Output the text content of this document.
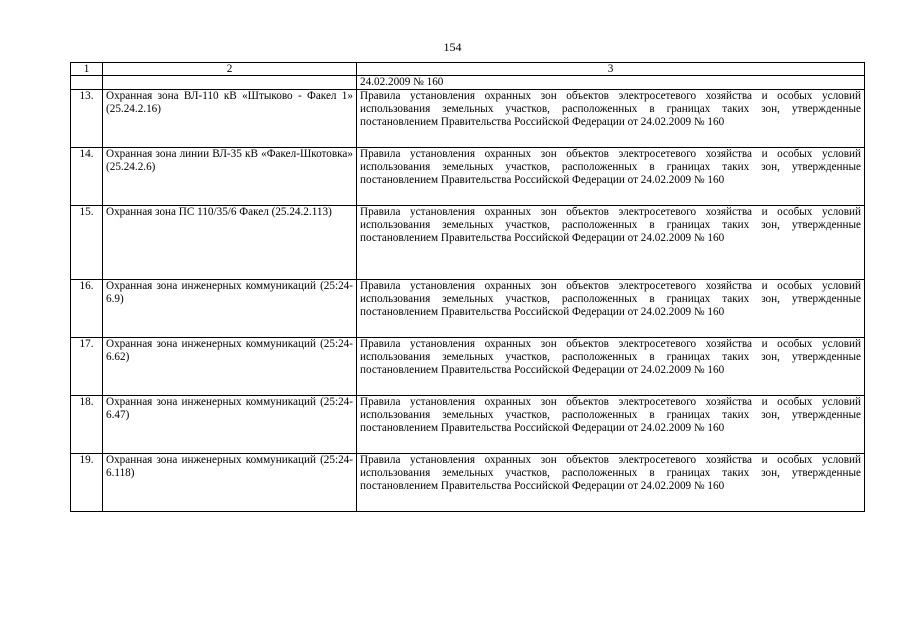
154
1	2	3
		24.02.2009 № 160
13.	Охранная зона ВЛ-110 кВ «Штыково - Факел 1» (25.24.2.16)	Правила установления охранных зон объектов электросетевого хозяйства и особых условий использования земельных участков, расположенных в границах таких зон, утвержденные постановлением Правительства Российской Федерации от 24.02.2009 № 160
14.	Охранная зона линии ВЛ-35 кВ «Факел-Шкотовка» (25.24.2.6)	Правила установления охранных зон объектов электросетевого хозяйства и особых условий использования земельных участков, расположенных в границах таких зон, утвержденные постановлением Правительства Российской Федерации от 24.02.2009 № 160
15.	Охранная зона ПС 110/35/6 Факел (25.24.2.113)	Правила установления охранных зон объектов электросетевого хозяйства и особых условий использования земельных участков, расположенных в границах таких зон, утвержденные постановлением Правительства Российской Федерации от 24.02.2009 № 160
16.	Охранная зона инженерных коммуникаций (25:24-6.9)	Правила установления охранных зон объектов электросетевого хозяйства и особых условий использования земельных участков, расположенных в границах таких зон, утвержденные постановлением Правительства Российской Федерации от 24.02.2009 № 160
17.	Охранная зона инженерных коммуникаций (25:24-6.62)	Правила установления охранных зон объектов электросетевого хозяйства и особых условий использования земельных участков, расположенных в границах таких зон, утвержденные постановлением Правительства Российской Федерации от 24.02.2009 № 160
18.	Охранная зона инженерных коммуникаций (25:24-6.47)	Правила установления охранных зон объектов электросетевого хозяйства и особых условий использования земельных участков, расположенных в границах таких зон, утвержденные постановлением Правительства Российской Федерации от 24.02.2009 № 160
19.	Охранная зона инженерных коммуникаций (25:24-6.118)	Правила установления охранных зон объектов электросетевого хозяйства и особых условий использования земельных участков, расположенных в границах таких зон, утвержденные постановлением Правительства Российской Федерации от 24.02.2009 № 160
